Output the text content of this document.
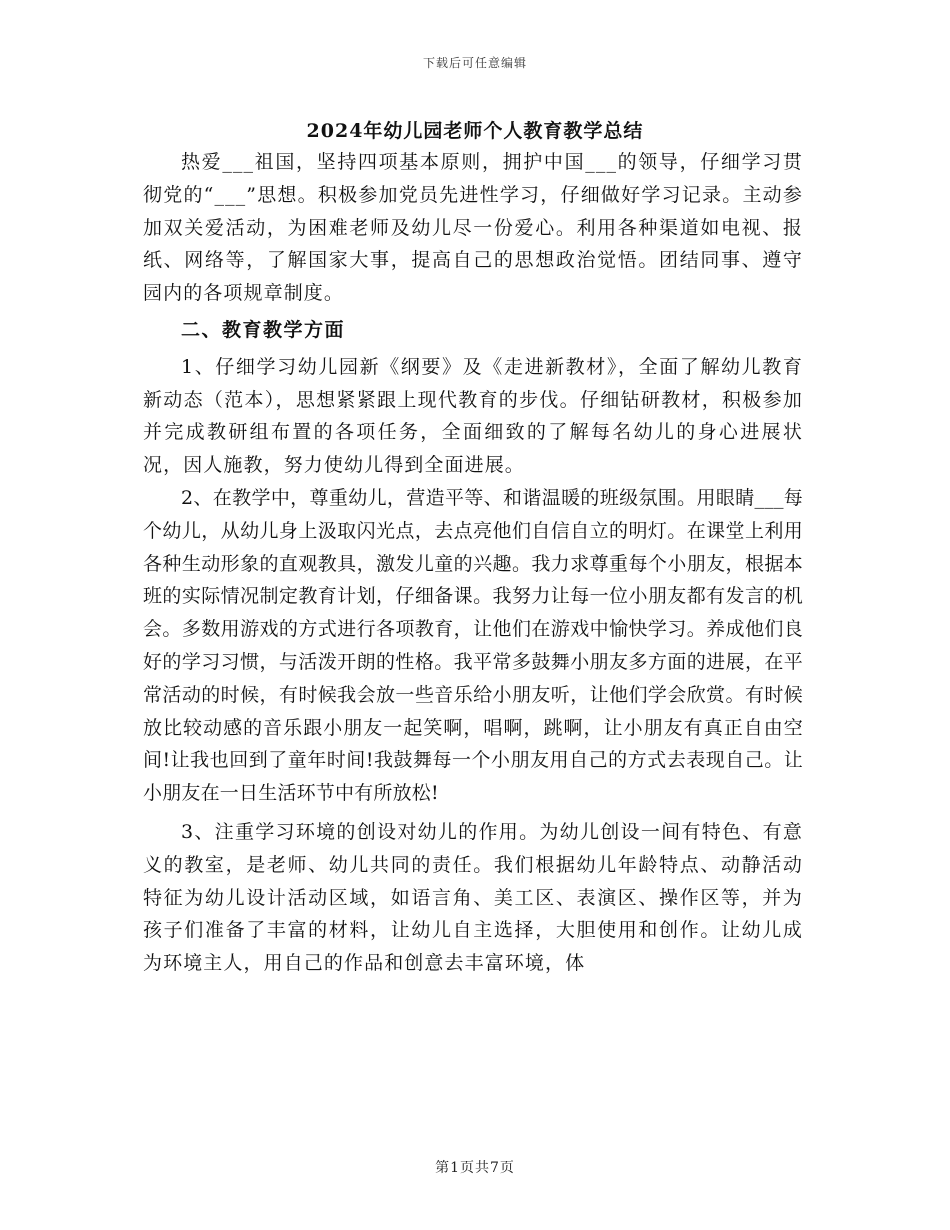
下载后可任意编辑
2024年幼儿园老师个人教育教学总结

热爱___祖国，坚持四项基本原则，拥护中国___的领导，仔细学习贯彻党的“___”思想。积极参加党员先进性学习，仔细做好学习记录。主动参加双关爱活动，为困难老师及幼儿尽一份爱心。利用各种渠道如电视、报纸、网络等，了解国家大事，提高自己的思想政治觉悟。团结同事、遵守园内的各项规章制度。

二、教育教学方面

1、仔细学习幼儿园新《纲要》及《走进新教材》，全面了解幼儿教育新动态（范本），思想紧紧跟上现代教育的步伐。仔细钻研教材，积极参加并完成教研组布置的各项任务，全面细致的了解每名幼儿的身心进展状况，因人施教，努力使幼儿得到全面进展。

2、在教学中，尊重幼儿，营造平等、和谐温暖的班级氛围。用眼睛___每个幼儿，从幼儿身上汲取闪光点，去点亮他们自信自立的明灯。在课堂上利用各种生动形象的直观教具，激发儿童的兴趣。我力求尊重每个小朋友，根据本班的实际情况制定教育计划，仔细备课。我努力让每一位小朋友都有发言的机会。多数用游戏的方式进行各项教育，让他们在游戏中愉快学习。养成他们良好的学习习惯，与活泼开朗的性格。我平常多鼓舞小朋友多方面的进展，在平常活动的时候，有时候我会放一些音乐给小朋友听，让他们学会欣赏。有时候放比较动感的音乐跟小朋友一起笑啊，唱啊，跳啊，让小朋友有真正自由空间!让我也回到了童年时间!我鼓舞每一个小朋友用自己的方式去表现自己。让小朋友在一日生活环节中有所放松!

3、注重学习环境的创设对幼儿的作用。为幼儿创设一间有特色、有意义的教室，是老师、幼儿共同的责任。我们根据幼儿年龄特点、动静活动特征为幼儿设计活动区域，如语言角、美工区、表演区、操作区等，并为孩子们准备了丰富的材料，让幼儿自主选择，大胆使用和创作。让幼儿成为环境主人，用自己的作品和创意去丰富环境，体

第1页共7页
